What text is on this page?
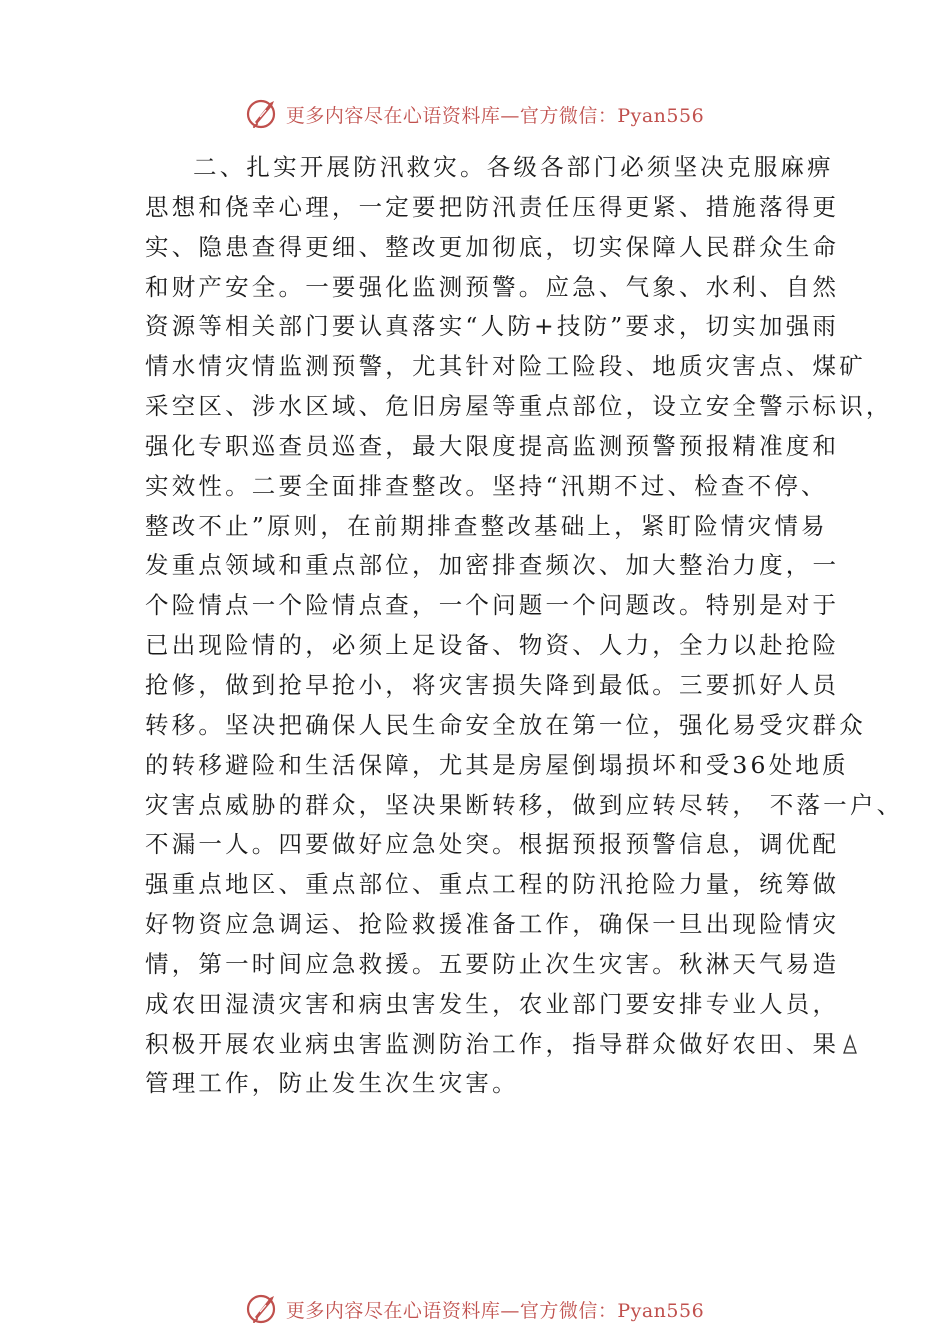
更多内容尽在心语资料库—官方微信：Pyan556
二、扎实开展防汛救灾。各级各部门必须坚决克服麻痹
思想和侥幸心理，一定要把防汛责任压得更紧、措施落得更
实、隐患查得更细、整改更加彻底，切实保障人民群众生命
和财产安全。一要强化监测预警。应急、气象、水利、自然
资源等相关部门要认真落实“人防+技防”要求，切实加强雨
情水情灾情监测预警，尤其针对险工险段、地质灾害点、煤矿
采空区、涉水区域、危旧房屋等重点部位，设立安全警示标识，
强化专职巡查员巡查，最大限度提高监测预警预报精准度和
实效性。二要全面排查整改。坚持“汛期不过、检查不停、
整改不止”原则，在前期排查整改基础上，紧盯险情灾情易
发重点领域和重点部位，加密排查频次、加大整治力度，一
个险情点一个险情点查，一个问题一个问题改。特别是对于
已出现险情的，必须上足设备、物资、人力，全力以赴抢险
抢修，做到抢早抢小，将灾害损失降到最低。三要抓好人员
转移。坚决把确保人民生命安全放在第一位，强化易受灾群众
的转移避险和生活保障，尤其是房屋倒塌损坏和受36处地质
灾害点威胁的群众，坚决果断转移，做到应转尽转， 不落一户、
不漏一人。四要做好应急处突。根据预报预警信息，调优配
强重点地区、重点部位、重点工程的防汛抢险力量，统筹做
好物资应急调运、抢险救援准备工作，确保一旦出现险情灾
情，第一时间应急救援。五要防止次生灾害。秋淋天气易造
成农田湿渍灾害和病虫害发生，农业部门要安排专业人员，
积极开展农业病虫害监测防治工作，指导群众做好农田、果
管理工作，防止发生次生灾害。
更多内容尽在心语资料库—官方微信：Pyan556
